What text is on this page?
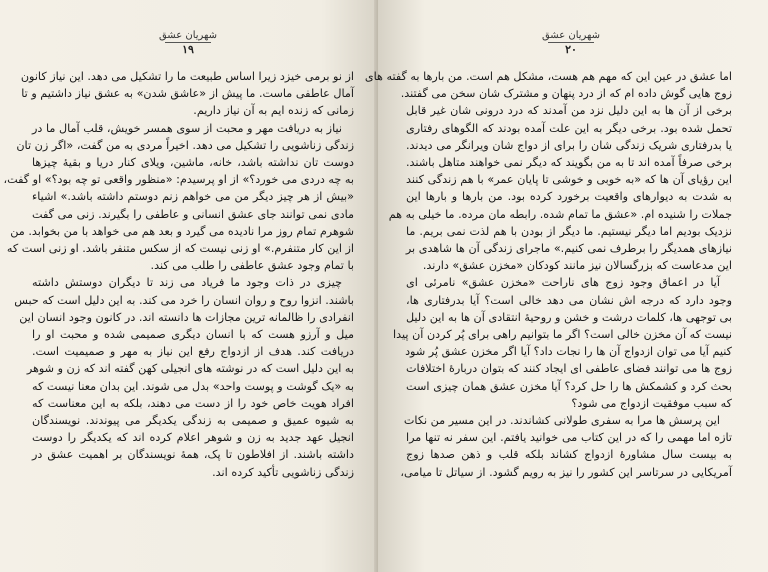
شهریان عشق
۱۹
از نو برمی خیزد زیرا اساس طبیعت ما را تشکیل می دهد. این نیاز کانون
آمال عاطفی ماست. ما پیش از «عاشق شدن» به عشق نیاز داشتیم و تا
زمانی که زنده ایم به آن نیاز داریم.
نیاز به دریافت مهر و محبت از سوی همسر خویش، قلب آمال ما در
زندگی زناشویی را تشکیل می دهد. اخیراً مردی به من گفت، «اگر زن تان
دوست تان نداشته باشد، خانه، ماشین، ویلای کنار دریا و بقیهٔ چیزها
به چه دردی می خورد؟» از او پرسیدم: «منظور واقعی تو چه بود؟» او گفت،
«بیش از هر چیز دیگر من می خواهم زنم دوستم داشته باشد.» اشیاء
مادی نمی توانند جای عشق انسانی و عاطفی را بگیرند. زنی می گفت
شوهرم تمام روز مرا نادیده می گیرد و بعد هم می خواهد با من بخوابد. من
از این کار متنفرم.» او زنی نیست که از سکس متنفر باشد. او زنی است که
با تمام وجود عشق عاطفی را طلب می کند.
چیزی در ذات وجود ما فریاد می زند تا دیگران دوستش داشته
باشند. انزوا روح و روان انسان را خرد می کند. به این دلیل است که حبس
انفرادی را ظالمانه ترین مجازات ها دانسته اند. در کانون وجود انسان این
میل و آرزو هست که با انسان دیگری صمیمی شده و محبت او را
دریافت کند. هدف از ازدواج رفع این نیاز به مهر و صمیمیت است.
به این دلیل است که در نوشته های انجیلی کهن گفته اند که زن و شوهر
به «یک گوشت و پوست واحد» بدل می شوند. این بدان معنا نیست که
افراد هویت خاص خود را از دست می دهند، بلکه به این معناست که
به شیوه عمیق و صمیمی به زندگی یکدیگر می پیوندند. نویسندگان
انجیل عهد جدید به زن و شوهر اعلام کرده اند که یکدیگر را دوست
داشته باشند. از افلاطون تا پک، همهٔ نویسندگان بر اهمیت عشق در
زندگی زناشویی تأکید کرده اند.
شهریان عشق
۲۰
اما عشق در عین این که مهم هم هست، مشکل هم است. من بارها به گفته های
زوج هایی گوش داده ام که از درد پنهان و مشترک شان سخن می گفتند.
برخی از آن ها به این دلیل نزد من آمدند که درد درونی شان غیر قابل
تحمل شده بود. برخی دیگر به این علت آمده بودند که الگوهای رفتاری
یا بدرفتاری شریک زندگی شان را برای از دواج شان ویرانگر می دیدند.
برخی صرفاً آمده اند تا به من بگویند که دیگر نمی خواهند متاهل باشند.
این رؤیای آن ها که «به خوبی و خوشی تا پایان عمر» با هم زندگی کنند
به شدت به دیوارهای واقعیت برخورد کرده بود. من بارها و بارها این
جملات را شنیده ام. «عشق ما تمام شده. رابطه مان مرده. ما خیلی به هم
نزدیک بودیم اما دیگر نیستیم. ما دیگر از بودن با هم لذت نمی بریم. ما
نیازهای همدیگر را برطرف نمی کنیم.» ماجرای زندگی آن ها شاهدی بر
این مدعاست که بزرگسالان نیز مانند کودکان «مخزن عشق» دارند.
آیا در اعماق وجود زوج های ناراحت «مخزن عشق» نامرئی ای
وجود دارد که درجه اش نشان می دهد خالی است؟ آیا بدرفتاری ها،
بی توجهی ها، کلمات درشت و خشن و روحیهٔ انتقادی آن ها به این دلیل
نیست که آن مخزن خالی است؟ اگر ما بتوانیم راهی برای پُر کردن آن پیدا
کنیم آیا می توان ازدواج آن ها را نجات داد؟ آیا اگر مخزن عشق پُر شود
زوج ها می توانند فضای عاطفی ای ایجاد کنند که بتوان دربارهٔ اختلافات
بحث کرد و کشمکش ها را حل کرد؟ آیا مخزن عشق همان چیزی است
که سبب موفقیت ازدواج می شود؟
این پرسش ها مرا به سفری طولانی کشاندند. در این مسیر من نکات
تازه اما مهمی را که در این کتاب می خوانید یافتم. این سفر نه تنها مرا
به بیست سال مشاورهٔ ازدواج کشاند بلکه قلب و ذهن صدها زوج
آمریکایی در سرتاسر این کشور را نیز به رویم گشود. از سیاتل تا میامی،
